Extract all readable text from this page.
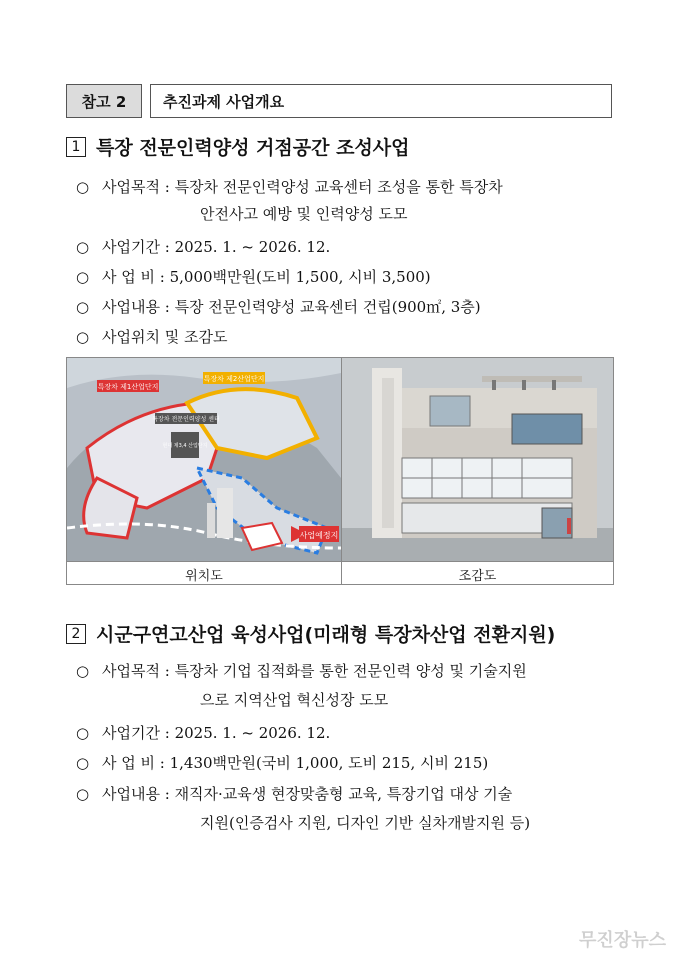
참고 2	추진과제 사업개요
1 특장 전문인력양성 거점공간 조성사업
○ 사업목적 : 특장차 전문인력양성 교육센터 조성을 통한 특장차
안전사고 예방 및 인력양성 도모
○ 사업기간 : 2025. 1. ~ 2026. 12.
○ 사 업 비 : 5,000백만원(도비 1,500, 시비 3,500)
○ 사업내용 : 특장 전문인력양성 교육센터 건립(900㎡, 3층)
○ 사업위치 및 조감도
사업예정지
특장차 제1산업단지
특장차 제2산업단지
특장차 전문인력양성 센터
현대 제3,4 산업단지
위치도	조감도
2 시군구연고산업 육성사업(미래형 특장차산업 전환지원)
○ 사업목적 : 특장차 기업 집적화를 통한 전문인력 양성 및 기술지원
으로 지역산업 혁신성장 도모
○ 사업기간 : 2025. 1. ~ 2026. 12.
○ 사 업 비 : 1,430백만원(국비 1,000, 도비 215, 시비 215)
○ 사업내용 : 재직자·교육생 현장맞춤형 교육, 특장기업 대상 기술
지원(인증검사 지원, 디자인 기반 실차개발지원 등)
무진장뉴스
